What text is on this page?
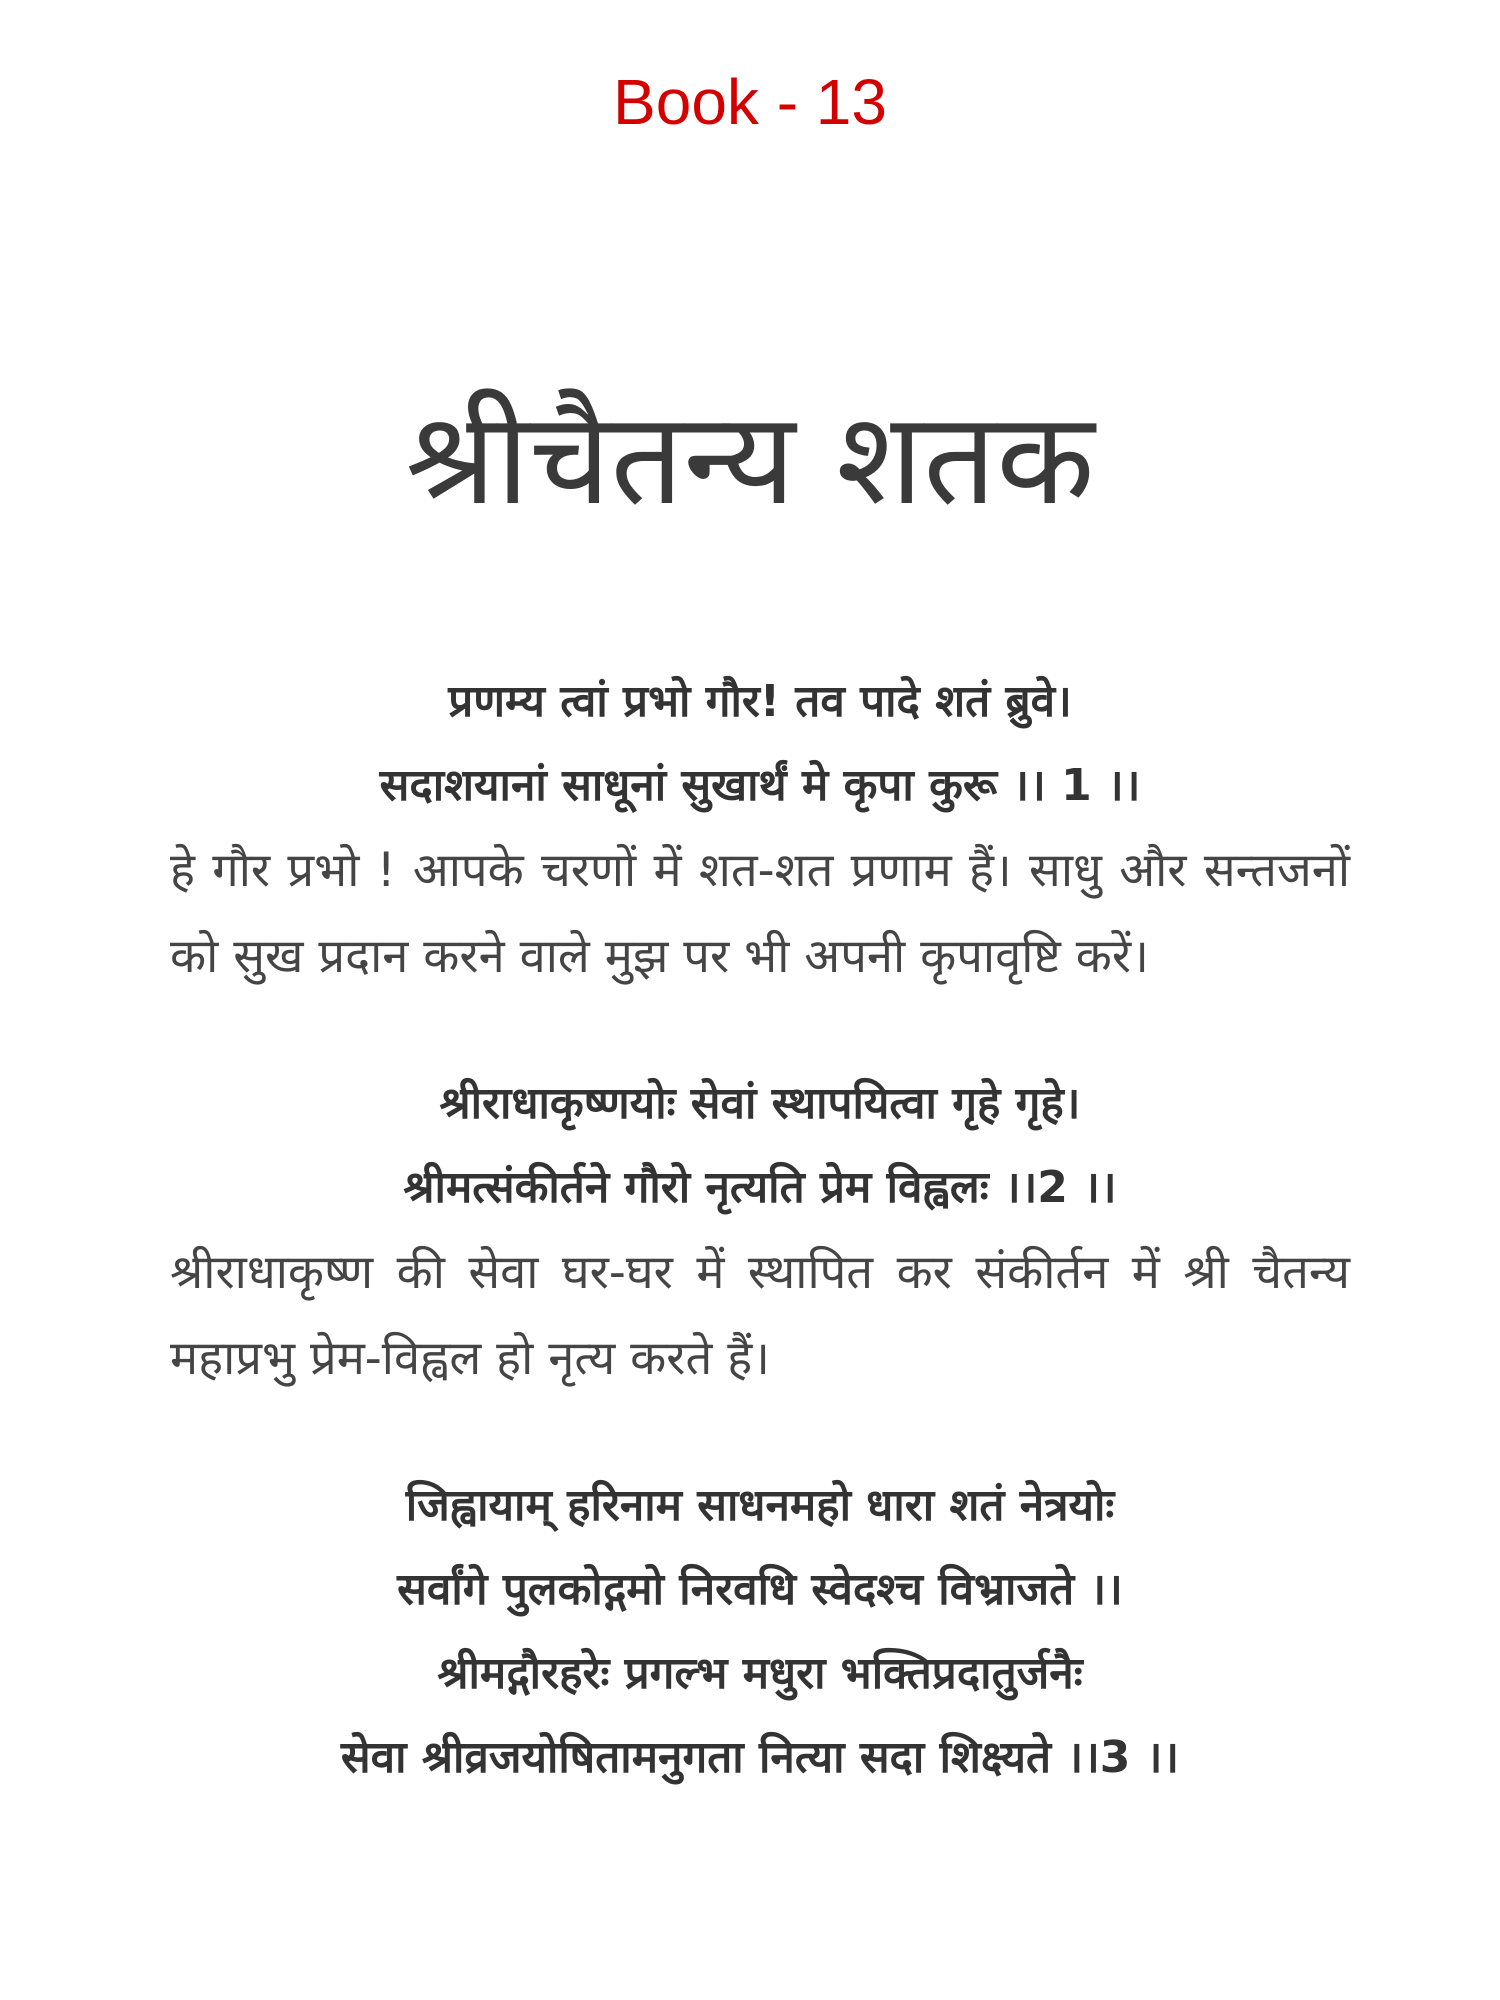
Book - 13
श्रीचैतन्य शतक
प्रणम्य त्वां प्रभो गौर! तव पादे शतं ब्रुवे।
सदाशयानां साधूनां सुखार्थं मे कृपा कुरू ।। 1 ।।
हे गौर प्रभो ! आपके चरणों में शत-शत प्रणाम हैं। साधु और सन्तजनों को सुख प्रदान करने वाले मुझ पर भी अपनी कृपावृष्टि करें।
श्रीराधाकृष्णयोः सेवां स्थापयित्वा गृहे गृहे।
श्रीमत्संकीर्तने गौरो नृत्यति प्रेम विह्वलः ।।2 ।।
श्रीराधाकृष्ण की सेवा घर-घर में स्थापित कर संकीर्तन में श्री चैतन्य महाप्रभु प्रेम-विह्वल हो नृत्य करते हैं।
जिह्वायाम् हरिनाम साधनमहो धारा शतं नेत्रयोः
सर्वांगे पुलकोद्गमो निरवधि स्वेदश्च विभ्राजते ।।
श्रीमद्गौरहरेः प्रगल्भ मधुरा भक्तिप्रदातुर्जनैः
सेवा श्रीव्रजयोषितामनुगता नित्या सदा शिक्ष्यते ।।3 ।।
